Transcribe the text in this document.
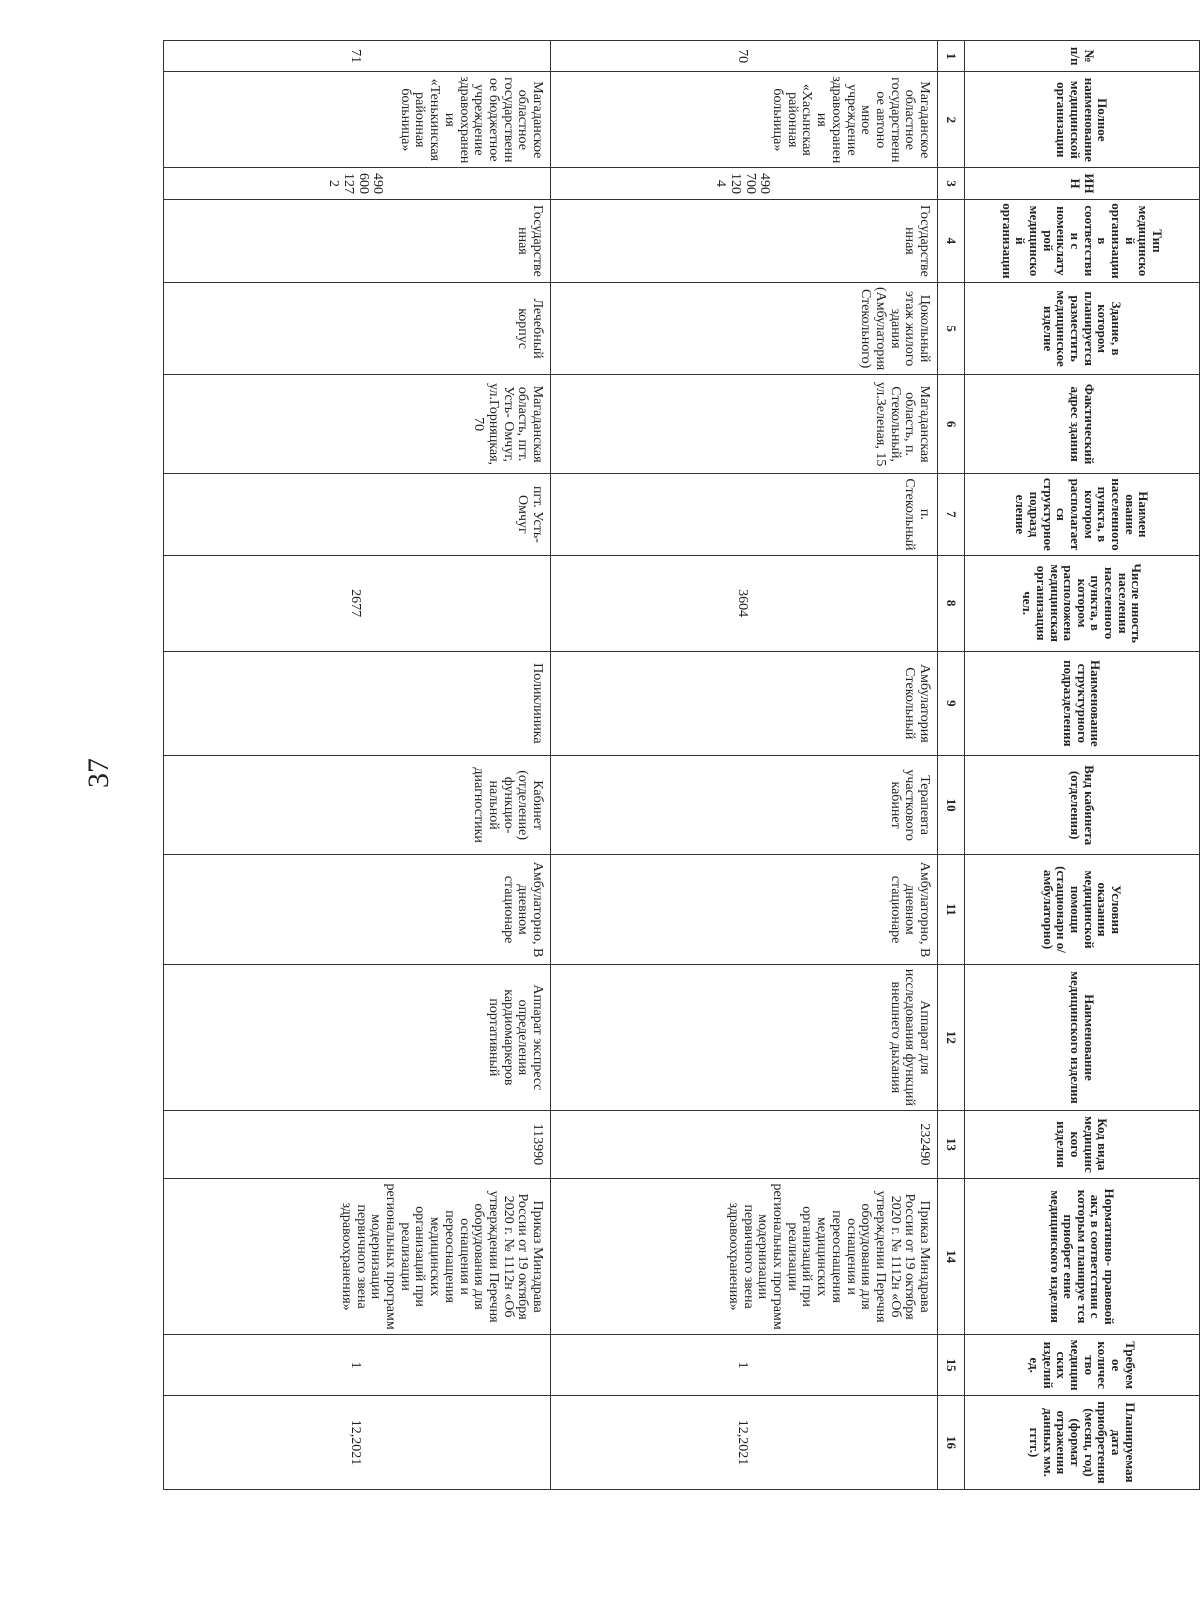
37
№ п/п	Полное наименование медицинской организации	ИНН	Тип медицинской организации в соответствии с номенклатурой медицинской организации	Здание, в котором планируется разместить медицинское изделие	Фактический адрес здания	Наимен ование населенного пункта, в котором располагается структурное подразд еление	Числе нность населения населенного пункта, в котором расположена медицинская организация чел.	Наименование структурного подразделения	Вид кабинета (отделения)	Условия оказания медицинской помощи (стационарн о/амбулаторно)	Наименование медицинского изделия	Код вида медицинского изделия	Нормативно- правовой акт, в соответствии с которым планируе тся приобрет ение медицинского изделия	Требуемое количество медицинских изделий ед.	Планируемая дата приобретения (месяц, год) (формат отражения данных мм. гггг.)
1	2	3	4	5	6	7	8	9	10	11	12	13	14	15	16
70	Магаданское областное государственное автоно мное учреждение здравоохранения «Хасынская районная больница»	4907001204	Государственная	Цокольный этаж жилого здания (Амбулатория Стекольного)	Магаданская область, п. Стекольный, ул.Зеленая, 15	п. Стекольный	3604	Амбулатория Стекольный	Терапевта участкового кабинет	Амбулаторно, В дневном стационаре	Аппарат для исследования функций внешнего дыхания	232490	Приказ Минздрава России от 19 октября 2020 г. № 1112н «Об утверждении Перечня оборудования для оснащения и переоснащения медицинских организаций при реализации региональных программ модернизации первичного звена здравоохранения»	1	12,2021
71	Магаданское областное государственное бюджетное учреждение здравоохранения «Тенькинская районная больница»	4906001272	Государственная	Лечебный корпус	Магаданская область, пгт. Усть- Омчуг, ул.Горняцкая, 70	пгт. Усть- Омчуг	2677	Поликлиника	Кабинет (отделение) функцио- нальной диагностики	Амбулаторно, В дневном стационаре	Аппарат экспресс определения кардиомаркеров портативный	113990	Приказ Минздрава России от 19 октября 2020 г. № 1112н «Об утверждении Перечня оборудования для оснащения и переоснащения медицинских организаций при реализации региональных программ модернизации первичного звена здравоохранения»	1	12,2021
